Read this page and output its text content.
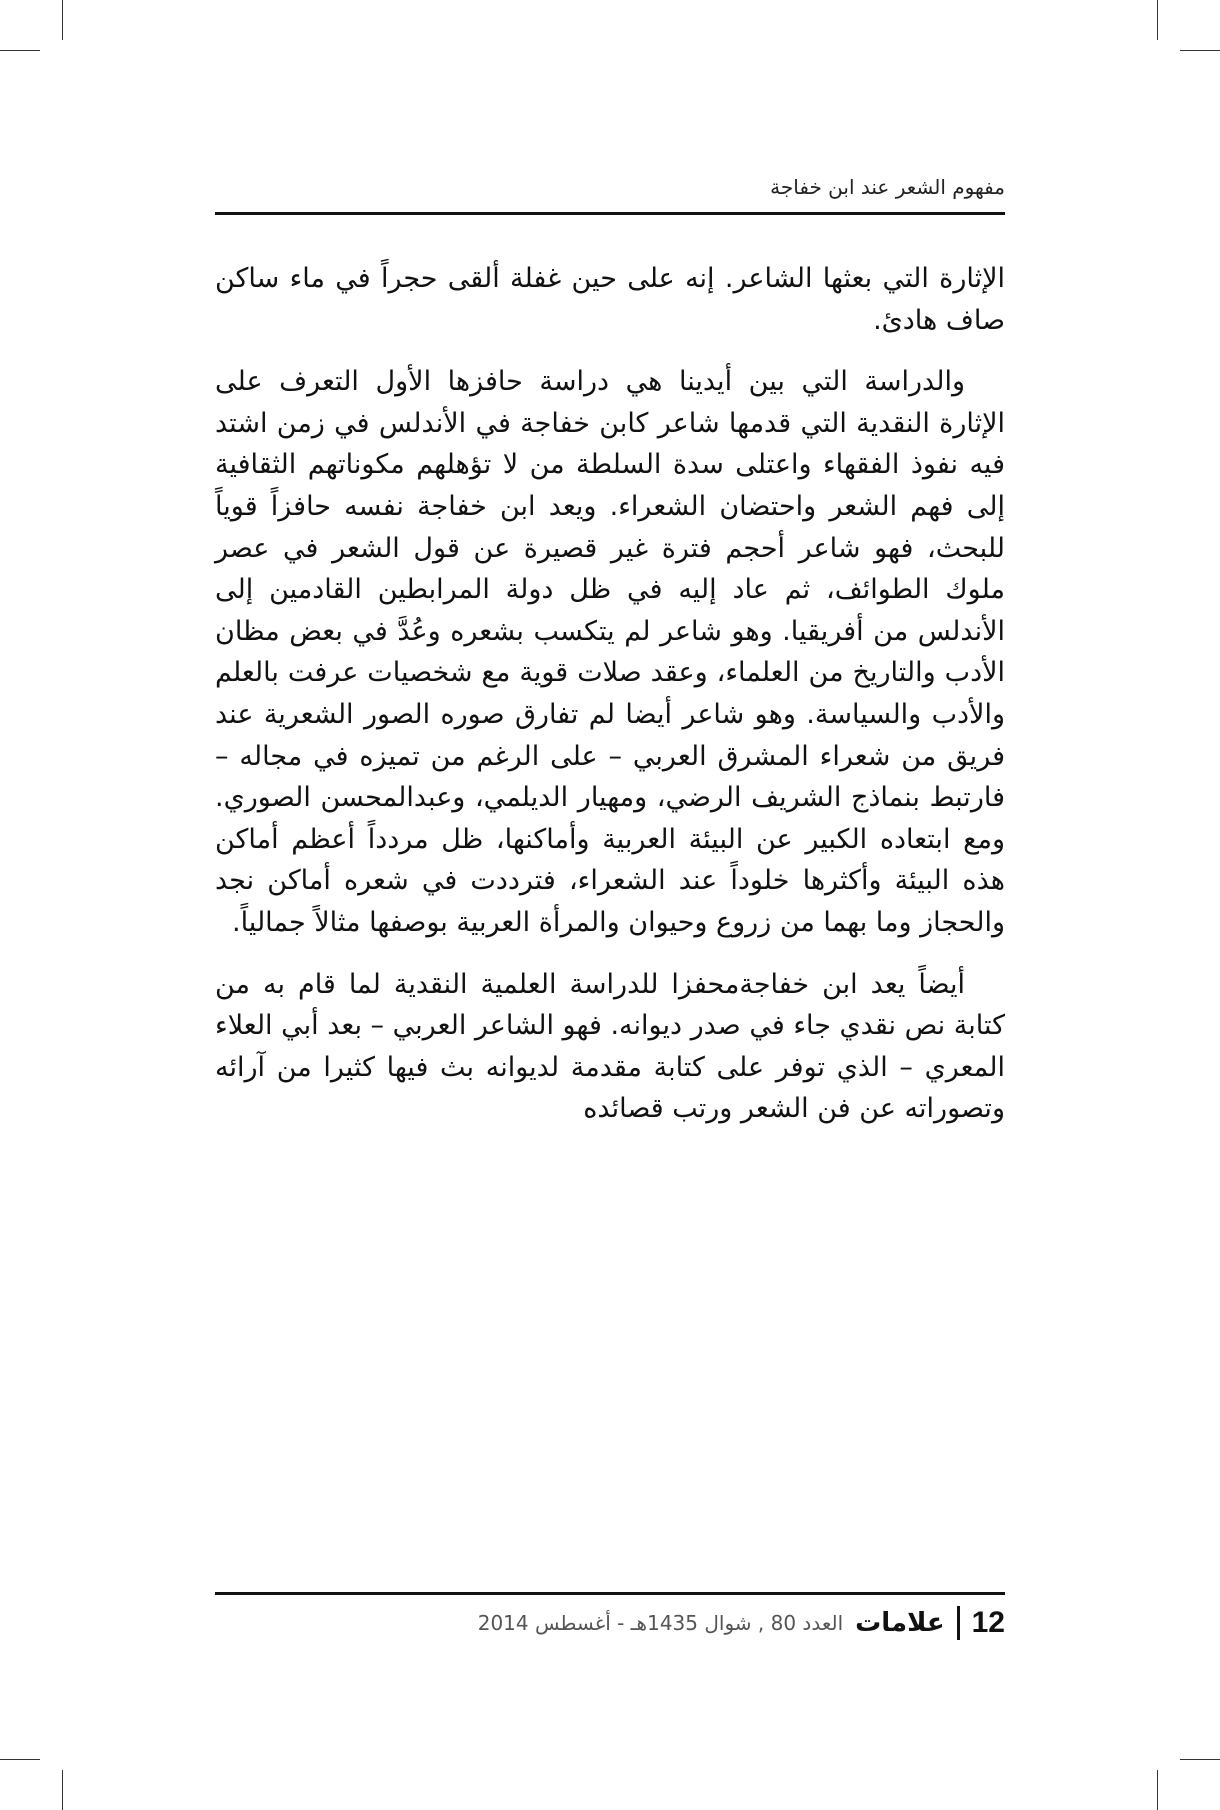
مفهوم الشعر عند ابن خفاجة

الإثارة التي بعثها الشاعر. إنه على حين غفلة ألقى حجراً في ماء ساكن صاف هادئ.

والدراسة التي بين أيدينا هي دراسة حافزها الأول التعرف على الإثارة النقدية التي قدمها شاعر كابن خفاجة في الأندلس في زمن اشتد فيه نفوذ الفقهاء واعتلى سدة السلطة من لا تؤهلهم مكوناتهم الثقافية إلى فهم الشعر واحتضان الشعراء. ويعد ابن خفاجة نفسه حافزاً قوياً للبحث، فهو شاعر أحجم فترة غير قصيرة عن قول الشعر في عصر ملوك الطوائف، ثم عاد إليه في ظل دولة المرابطين القادمين إلى الأندلس من أفريقيا. وهو شاعر لم يتكسب بشعره وعُدَّ في بعض مظان الأدب والتاريخ من العلماء، وعقد صلات قوية مع شخصيات عرفت بالعلم والأدب والسياسة. وهو شاعر أيضا لم تفارق صوره الصور الشعرية عند فريق من شعراء المشرق العربي – على الرغم من تميزه في مجاله – فارتبط بنماذج الشريف الرضي، ومهيار الديلمي، وعبدالمحسن الصوري. ومع ابتعاده الكبير عن البيئة العربية وأماكنها، ظل مردداً أعظم أماكن هذه البيئة وأكثرها خلوداً عند الشعراء، فترددت في شعره أماكن نجد والحجاز وما بهما من زروع وحيوان والمرأة العربية بوصفها مثالاً جمالياً.

أيضاً يعد ابن خفاجةمحفزا للدراسة العلمية النقدية لما قام به من كتابة نص نقدي جاء في صدر ديوانه. فهو الشاعر العربي – بعد أبي العلاء المعري – الذي توفر على كتابة مقدمة لديوانه بث فيها كثيرا من آرائه وتصوراته عن فن الشعر ورتب قصائده

12
علامات
العدد 80 , شوال 1435هـ - أغسطس 2014
